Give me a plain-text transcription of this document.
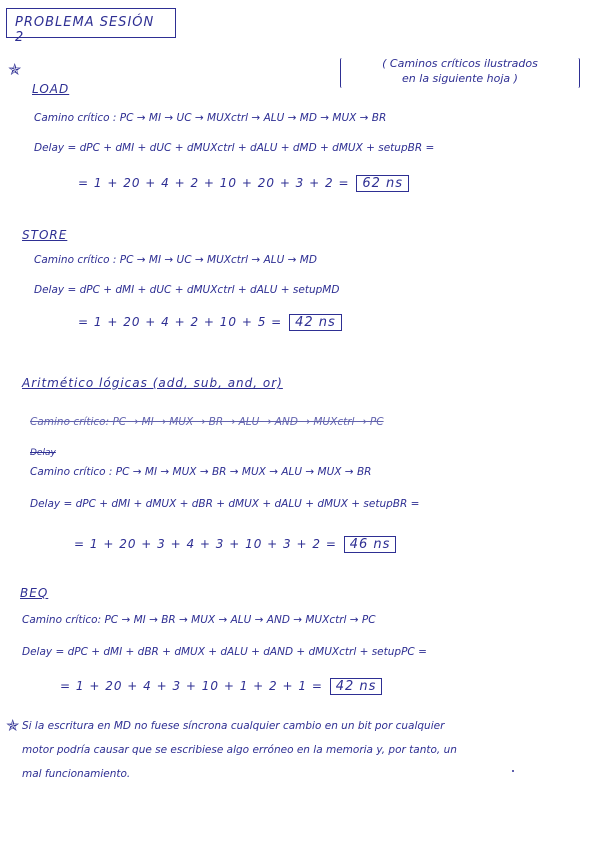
PROBLEMA SESIÓN 2
( Caminos críticos ilustrados
en la siguiente hoja )
✯
LOAD
Camino crítico : PC → MI → UC → MUXctrl → ALU → MD → MUX → BR
Delay = dPC + dMI + dUC + dMUXctrl + dALU + dMD + dMUX + setupBR =
= 1 + 20 + 4 + 2 + 10 + 20 + 3 + 2 = 62 ns
STORE
Camino crítico : PC → MI → UC → MUXctrl → ALU → MD
Delay = dPC + dMI + dUC + dMUXctrl + dALU + setupMD
= 1 + 20 + 4 + 2 + 10 + 5 = 42 ns
Aritmético lógicas (add, sub, and, or)
Camino crítico: PC → MI → MUX → BR → ALU → AND → MUXctrl → PC
Delay
Camino crítico : PC → MI → MUX → BR → MUX → ALU → MUX → BR
Delay = dPC + dMI + dMUX + dBR + dMUX + dALU + dMUX + setupBR =
= 1 + 20 + 3 + 4 + 3 + 10 + 3 + 2 = 46 ns
BEQ
Camino crítico: PC → MI → BR → MUX → ALU → AND → MUXctrl → PC
Delay = dPC + dMI + dBR + dMUX + dALU + dAND + dMUXctrl + setupPC =
= 1 + 20 + 4 + 3 + 10 + 1 + 2 + 1 = 42 ns
✯ Si la escritura en MD no fuese síncrona cualquier cambio en un bit por cualquier
motor podría causar que se escribiese algo erróneo en la memoria y, por tanto, un
mal funcionamiento.
